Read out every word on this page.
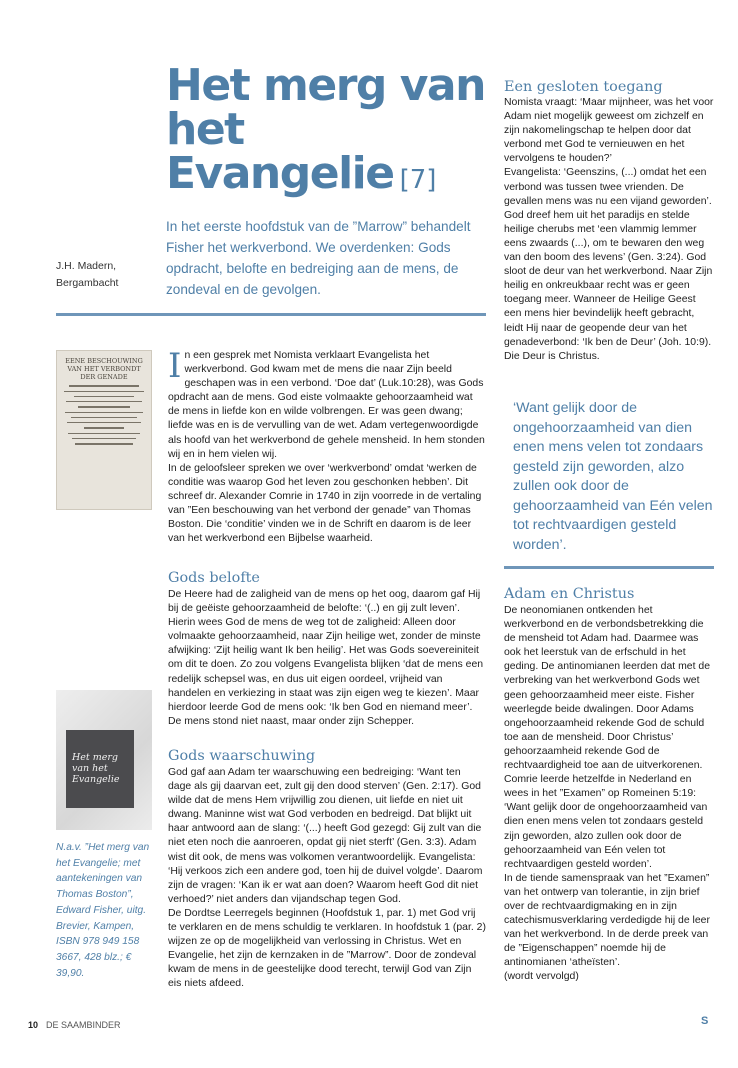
Het merg van
het Evangelie [7]
In het eerste hoofdstuk van de ”Marrow” behandelt Fisher het werkverbond. We overdenken: Gods opdracht, belofte en bedreiging aan de mens, de zondeval en de gevolgen.
J.H. Madern,
Bergambacht
EENE BESCHOUWING VAN HET VERBONDT DER GENADE
Het merg van het Evangelie
N.a.v. ”Het merg van het Evangelie; met aantekeningen van Thomas Boston”, Edward Fisher, uitg. Brevier, Kampen, ISBN 978 949 158 3667, 428 blz.; € 39,90.

In een gesprek met Nomista verklaart Evangelista het werkverbond. God kwam met de mens die naar Zijn beeld geschapen was in een verbond. ‘Doe dat’ (Luk.10:28), was Gods opdracht aan de mens. God eiste volmaakte gehoorzaamheid wat de mens in liefde kon en wilde volbrengen. Er was geen dwang; liefde was en is de vervulling van de wet. Adam vertegenwoordigde als hoofd van het werkverbond de gehele mensheid. In hem stonden wij en in hem vielen wij.

In de geloofsleer spreken we over ‘werkverbond’ omdat ‘werken de conditie was waarop God het leven zou geschonken hebben’. Dit schreef dr. Alexander Comrie in 1740 in zijn voorrede in de vertaling van ”Een beschouwing van het verbond der genade” van Thomas Boston. Die ‘conditie’ vinden we in de Schrift en daarom is de leer van het werkverbond een Bijbelse waarheid.

Gods belofte

De Heere had de zaligheid van de mens op het oog, daarom gaf Hij bij de geëiste gehoorzaamheid de belofte: ‘(..) en gij zult leven’. Hierin wees God de mens de weg tot de zaligheid: Alleen door volmaakte gehoorzaamheid, naar Zijn heilige wet, zonder de minste afwijking: ‘Zijt heilig want Ik ben heilig’. Het was Gods soevereiniteit om dit te doen. Zo zou volgens Evangelista blijken ‘dat de mens een redelijk schepsel was, en dus uit eigen oordeel, vrijheid van handelen en verkiezing in staat was zijn eigen weg te kiezen’. Maar hierdoor leerde God de mens ook: ‘Ik ben God en niemand meer’. De mens stond niet naast, maar onder zijn Schepper.

Gods waarschuwing

God gaf aan Adam ter waarschuwing een bedreiging: ‘Want ten dage als gij daarvan eet, zult gij den dood sterven’ (Gen. 2:17). God wilde dat de mens Hem vrijwillig zou dienen, uit liefde en niet uit dwang. Maninne wist wat God verboden en bedreigd. Dat blijkt uit haar antwoord aan de slang: ‘(...) heeft God gezegd: Gij zult van die niet eten noch die aanroeren, opdat gij niet sterft’ (Gen. 3:3). Adam wist dit ook, de mens was volkomen verantwoordelijk. Evangelista: ‘Hij verkoos zich een andere god, toen hij de duivel volgde’. Daarom zijn de vragen: ‘Kan ik er wat aan doen? Waarom heeft God dit niet verhoed?’ niet anders dan vijandschap tegen God.

De Dordtse Leerregels beginnen (Hoofdstuk 1, par. 1) met God vrij te verklaren en de mens schuldig te verklaren. In hoofdstuk 1 (par. 2) wijzen ze op de mogelijkheid van verlossing in Christus. Wet en Evangelie, het zijn de kernzaken in de ”Marrow”. Door de zondeval kwam de mens in de geestelijke dood terecht, terwijl God van Zijn eis niets afdeed.

Een gesloten toegang

Nomista vraagt: ‘Maar mijnheer, was het voor Adam niet mogelijk geweest om zichzelf en zijn nakomelingschap te helpen door dat verbond met God te vernieuwen en het vervolgens te houden?’

Evangelista: ‘Geenszins, (...) omdat het een verbond was tussen twee vrienden. De gevallen mens was nu een vijand geworden’. God dreef hem uit het paradijs en stelde heilige cherubs met ‘een vlammig lemmer eens zwaards (...), om te bewaren den weg van den boom des levens’ (Gen. 3:24). God sloot de deur van het werkverbond. Naar Zijn heilig en onkreukbaar recht was er geen toegang meer. Wanneer de Heilige Geest een mens hier bevindelijk heeft gebracht, leidt Hij naar de geopende deur van het genadeverbond: ‘Ik ben de Deur’ (Joh. 10:9). Die Deur is Christus.

‘Want gelijk door de ongehoorzaamheid van dien enen mens velen tot zondaars gesteld zijn geworden, alzo zullen ook door de gehoorzaamheid van Eén velen tot rechtvaardigen gesteld worden’.
Adam en Christus

De neonomianen ontkenden het werkverbond en de verbondsbetrekking die de mensheid tot Adam had. Daarmee was ook het leerstuk van de erfschuld in het geding. De antinomianen leerden dat met de verbreking van het werkverbond Gods wet geen gehoorzaamheid meer eiste. Fisher weerlegde beide dwalingen. Door Adams ongehoorzaamheid rekende God de schuld toe aan de mensheid. Door Christus’ gehoorzaamheid rekende God de rechtvaardigheid toe aan de uitverkorenen.

Comrie leerde hetzelfde in Nederland en wees in het ”Examen” op Romeinen 5:19: ‘Want gelijk door de ongehoorzaamheid van dien enen mens velen tot zondaars gesteld zijn geworden, alzo zullen ook door de gehoorzaamheid van Eén velen tot rechtvaardigen gesteld worden’.

In de tiende samenspraak van het ”Examen” van het ontwerp van tolerantie, in zijn brief over de rechtvaardigmaking en in zijn catechismusverklaring verdedigde hij de leer van het werkverbond. In de derde preek van de ”Eigenschappen” noemde hij de antinomianen ‘atheïsten’.

(wordt vervolgd)

S
10 DE SAAMBINDER
